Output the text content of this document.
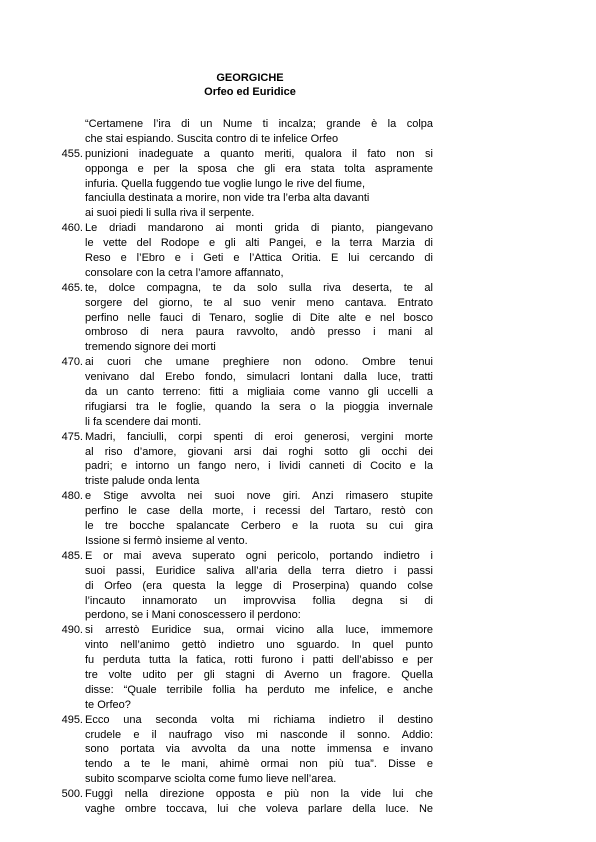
GEORGICHE
Orfeo ed Euridice
“Certamene l’ira di un Nume ti incalza; grande è la colpa
che stai espiando. Suscita contro di te infelice Orfeo
455. punizioni inadeguate a quanto meriti, qualora il fato non si
opponga e per la sposa che gli era stata tolta aspramente
infuria. Quella fuggendo tue voglie lungo le rive del fiume,
fanciulla destinata a morire, non vide tra l’erba alta davanti
ai suoi piedi li sulla riva il serpente.
460. Le driadi mandarono ai monti grida di pianto, piangevano
le vette del Rodope e gli alti Pangei, e la terra Marzia di
Reso e l’Ebro e i Geti e l’Attica Oritia. E lui cercando di
consolare con la cetra l’amore affannato,
465. te, dolce compagna, te da solo sulla riva deserta, te al
sorgere del giorno, te al suo venir meno cantava. Entrato
perfino nelle fauci di Tenaro, soglie di Dite alte e nel bosco
ombroso di nera paura ravvolto, andò presso i mani al
tremendo signore dei morti
470. ai cuori che umane preghiere non odono. Ombre tenui
venivano dal Erebo fondo, simulacri lontani dalla luce, tratti
da un canto terreno: fitti a migliaia come vanno gli uccelli a
rifugiarsi tra le foglie, quando la sera o la pioggia invernale
li fa scendere dai monti.
475. Madri, fanciulli, corpi spenti di eroi generosi, vergini morte
al riso d’amore, giovani arsi dai roghi sotto gli occhi dei
padri; e intorno un fango nero, i lividi canneti di Cocito e la
triste palude onda lenta
480. e Stige avvolta nei suoi nove giri. Anzi rimasero stupite
perfino le case della morte, i recessi del Tartaro, restò con
le tre bocche spalancate Cerbero e la ruota su cui gira
Issione si fermò insieme al vento.
485. E or mai aveva superato ogni pericolo, portando indietro i
suoi passi, Euridice saliva all’aria della terra dietro i passi
di Orfeo (era questa la legge di Proserpina) quando colse
l’incauto innamorato un improvvisa follia degna si di
perdono, se i Mani conoscessero il perdono:
490. si arrestò Euridice sua, ormai vicino alla luce, immemore
vinto nell’animo gettò indietro uno sguardo. In quel punto
fu perduta tutta la fatica, rotti furono i patti dell’abisso e per
tre volte udito per gli stagni di Averno un fragore. Quella
disse: “Quale terribile follia ha perduto me infelice, e anche
te Orfeo?
495. Ecco una seconda volta mi richiama indietro il destino
crudele e il naufrago viso mi nasconde il sonno. Addio:
sono portata via avvolta da una notte immensa e invano
tendo a te le mani, ahimè ormai non più tua”. Disse e
subito scomparve sciolta come fumo lieve nell’area.
500. Fuggì nella direzione opposta e più non la vide lui che
vaghe ombre toccava, lui che voleva parlare della luce. Ne
